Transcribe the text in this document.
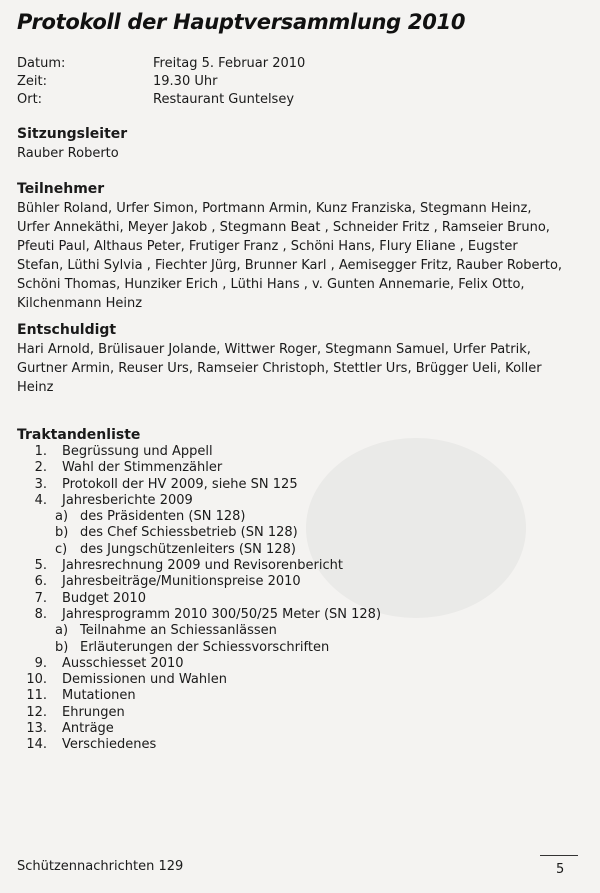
Protokoll der Hauptversammlung 2010
Datum:	Freitag 5. Februar 2010
Zeit:	19.30 Uhr
Ort:	Restaurant Guntelsey
Sitzungsleiter
Rauber Roberto
Teilnehmer
Bühler Roland, Urfer Simon, Portmann Armin, Kunz Franziska, Stegmann Heinz,
Urfer Annekäthi, Meyer Jakob , Stegmann Beat , Schneider Fritz , Ramseier Bruno,
Pfeuti Paul, Althaus Peter, Frutiger Franz , Schöni Hans, Flury Eliane , Eugster
Stefan, Lüthi Sylvia , Fiechter Jürg, Brunner Karl , Aemisegger Fritz, Rauber Roberto,
Schöni Thomas, Hunziker Erich , Lüthi Hans , v. Gunten Annemarie, Felix Otto,
Kilchenmann Heinz
Entschuldigt
Hari Arnold, Brülisauer Jolande, Wittwer Roger, Stegmann Samuel, Urfer Patrik,
Gurtner Armin, Reuser Urs, Ramseier Christoph, Stettler Urs, Brügger Ueli, Koller
Heinz
Traktandenliste
1. Begrüssung und Appell
2. Wahl der Stimmenzähler
3. Protokoll der HV 2009, siehe SN 125
4. Jahresberichte 2009
a) des Präsidenten (SN 128)
b) des Chef Schiessbetrieb (SN 128)
c) des Jungschützenleiters (SN 128)
5. Jahresrechnung 2009 und Revisorenbericht
6. Jahresbeiträge/Munitionspreise 2010
7. Budget 2010
8. Jahresprogramm 2010 300/50/25 Meter (SN 128)
a) Teilnahme an Schiessanlässen
b) Erläuterungen der Schiessvorschriften
9. Ausschiesset 2010
10. Demissionen und Wahlen
11. Mutationen
12. Ehrungen
13. Anträge
14. Verschiedenes
Schützennachrichten 129	5
